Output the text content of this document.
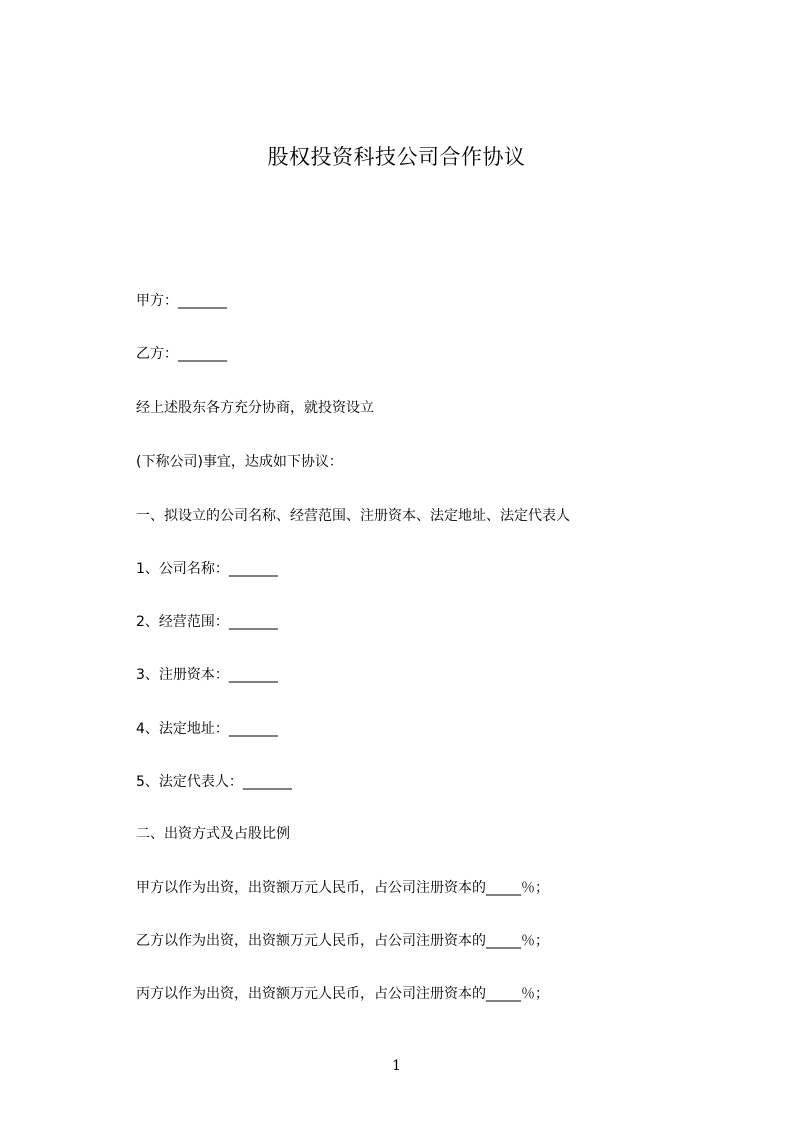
股权投资科技公司合作协议
甲方：_______
乙方：_______
经上述股东各方充分协商，就投资设立
(下称公司)事宜，达成如下协议：
一、拟设立的公司名称、经营范围、注册资本、法定地址、法定代表人
1、公司名称：_______
2、经营范围：_______
3、注册资本：_______
4、法定地址：_______
5、法定代表人：_______
二、出资方式及占股比例
甲方以作为出资，出资额万元人民币，占公司注册资本的_____％；
乙方以作为出资，出资额万元人民币，占公司注册资本的_____％；
丙方以作为出资，出资额万元人民币，占公司注册资本的_____％；
1
